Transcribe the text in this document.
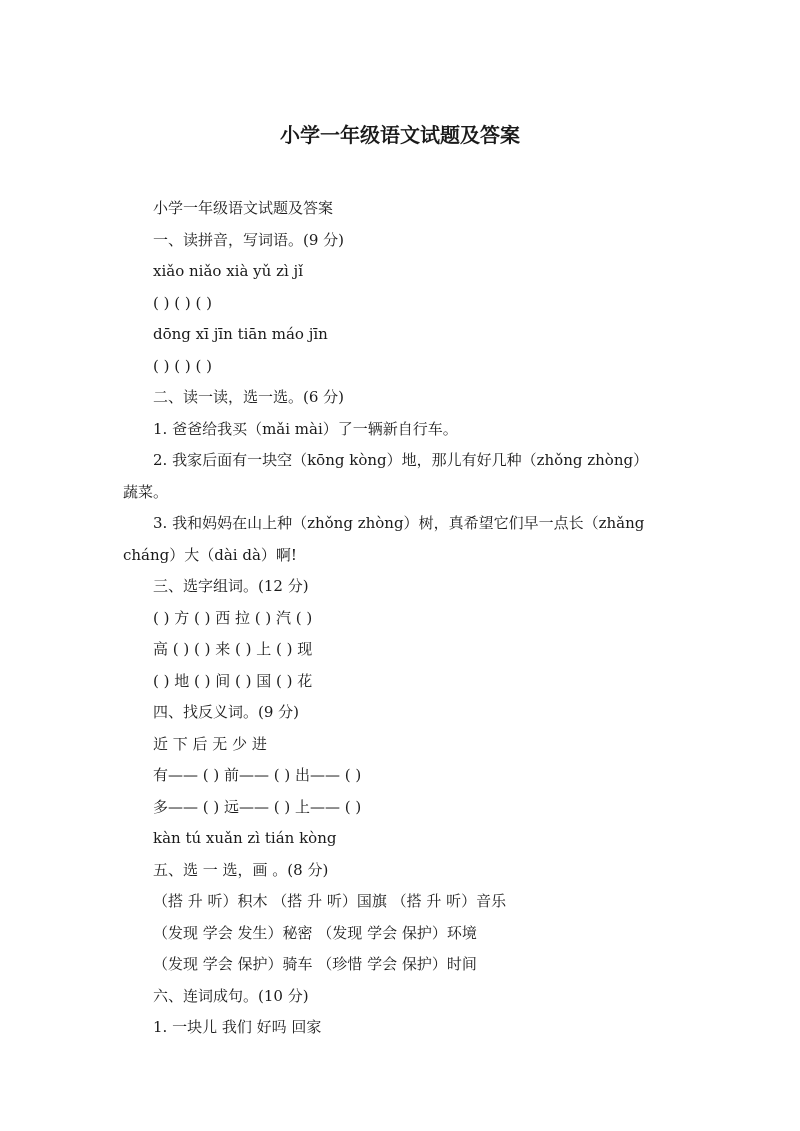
小学一年级语文试题及答案
小学一年级语文试题及答案
一、读拼音，写词语。(9 分)
xiǎo niǎo xià yǔ zì jǐ
( ) ( ) ( )
dōng xī jīn tiān máo jīn
( ) ( ) ( )
二、读一读，选一选。(6 分)
1. 爸爸给我买（mǎi mài）了一辆新自行车。
2. 我家后面有一块空（kōng kòng）地，那儿有好几种（zhǒng zhòng）蔬菜。
3. 我和妈妈在山上种（zhǒng zhòng）树，真希望它们早一点长（zhǎng cháng）大（dài dà）啊!
三、选字组词。(12 分)
( ) 方 ( ) 西 拉 ( ) 汽 ( )
高 ( ) ( ) 来 ( ) 上 ( ) 现
( ) 地 ( ) 间 ( ) 国 ( ) 花
四、找反义词。(9 分)
近 下 后 无 少 进
有—— ( ) 前—— ( ) 出—— ( )
多—— ( ) 远—— ( ) 上—— ( )
kàn tú xuǎn zì tián kòng
五、选 一 选，画 。(8 分)
（搭 升 听）积木 （搭 升 听）国旗 （搭 升 听）音乐
（发现 学会 发生）秘密 （发现 学会 保护）环境
（发现 学会 保护）骑车 （珍惜 学会 保护）时间
六、连词成句。(10 分)
1. 一块儿 我们 好吗 回家
